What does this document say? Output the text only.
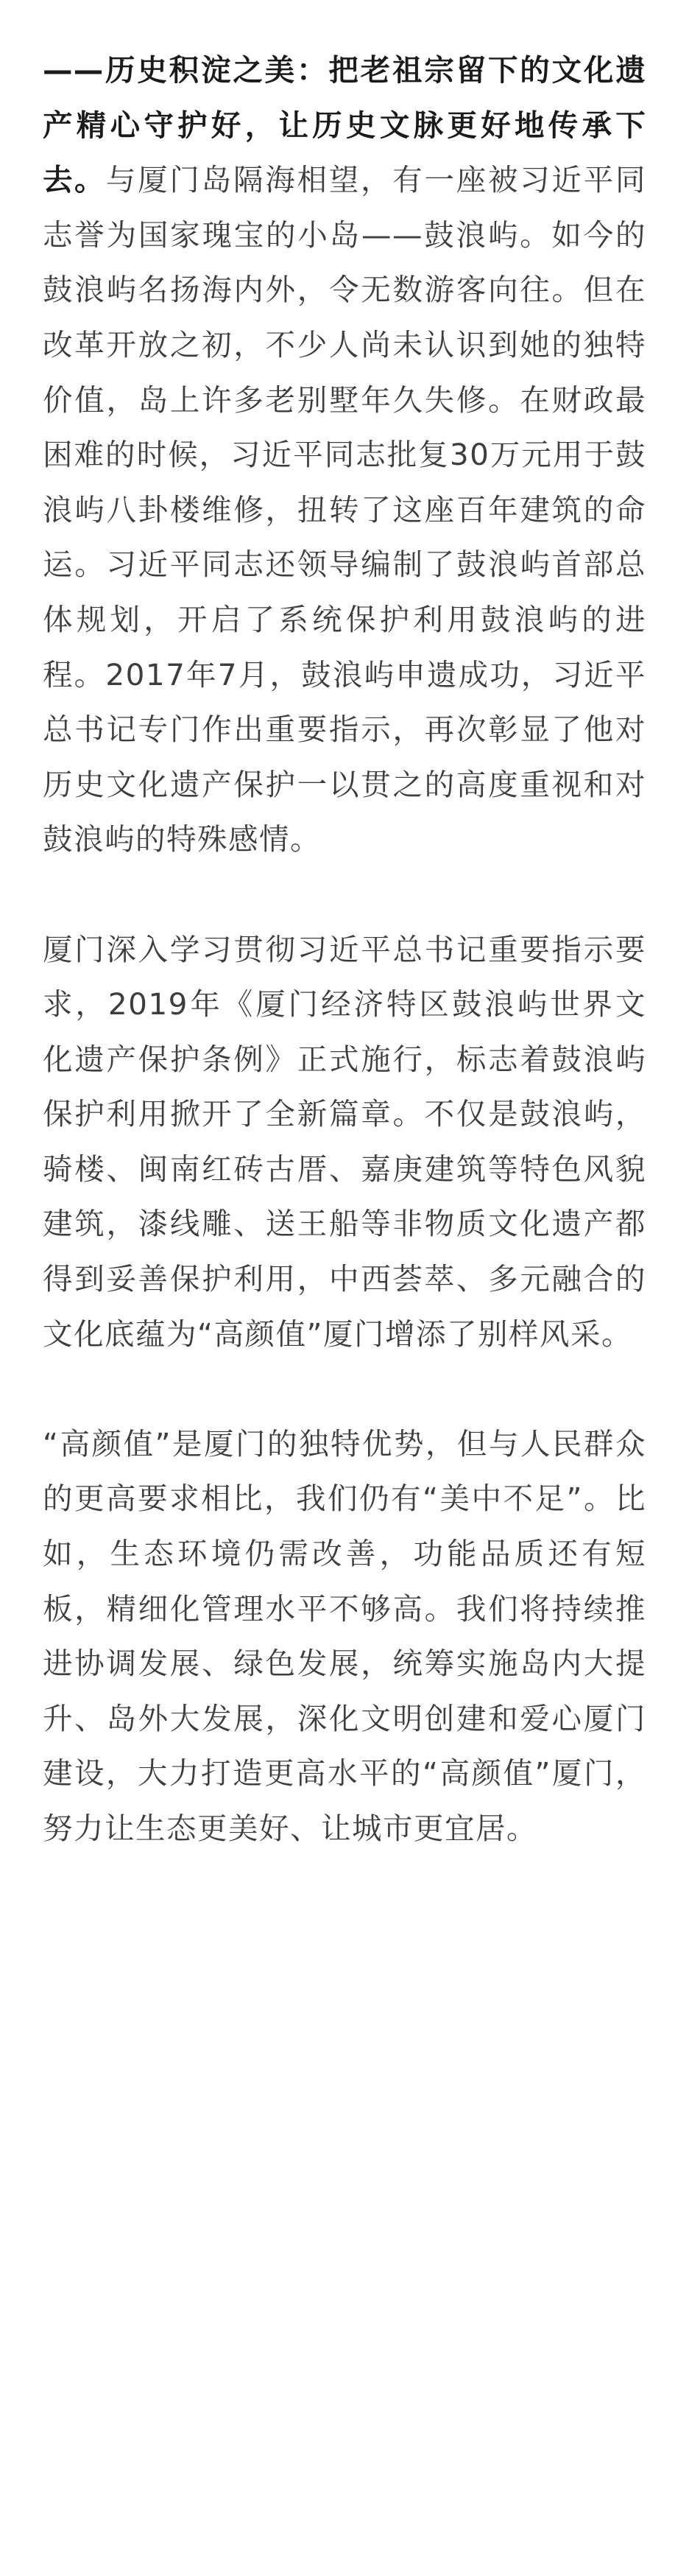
——历史积淀之美：把老祖宗留下的文化遗产精心守护好，让历史文脉更好地传承下去。与厦门岛隔海相望，有一座被习近平同志誉为国家瑰宝的小岛——鼓浪屿。如今的鼓浪屿名扬海内外，令无数游客向往。但在改革开放之初，不少人尚未认识到她的独特价值，岛上许多老别墅年久失修。在财政最困难的时候，习近平同志批复30万元用于鼓浪屿八卦楼维修，扭转了这座百年建筑的命运。习近平同志还领导编制了鼓浪屿首部总体规划，开启了系统保护利用鼓浪屿的进程。2017年7月，鼓浪屿申遗成功，习近平总书记专门作出重要指示，再次彰显了他对历史文化遗产保护一以贯之的高度重视和对鼓浪屿的特殊感情。

厦门深入学习贯彻习近平总书记重要指示要求，2019年《厦门经济特区鼓浪屿世界文化遗产保护条例》正式施行，标志着鼓浪屿保护利用掀开了全新篇章。不仅是鼓浪屿，骑楼、闽南红砖古厝、嘉庚建筑等特色风貌建筑，漆线雕、送王船等非物质文化遗产都得到妥善保护利用，中西荟萃、多元融合的文化底蕴为“高颜值”厦门增添了别样风采。

“高颜值”是厦门的独特优势，但与人民群众的更高要求相比，我们仍有“美中不足”。比如，生态环境仍需改善，功能品质还有短板，精细化管理水平不够高。我们将持续推进协调发展、绿色发展，统筹实施岛内大提升、岛外大发展，深化文明创建和爱心厦门建设，大力打造更高水平的“高颜值”厦门，努力让生态更美好、让城市更宜居。
